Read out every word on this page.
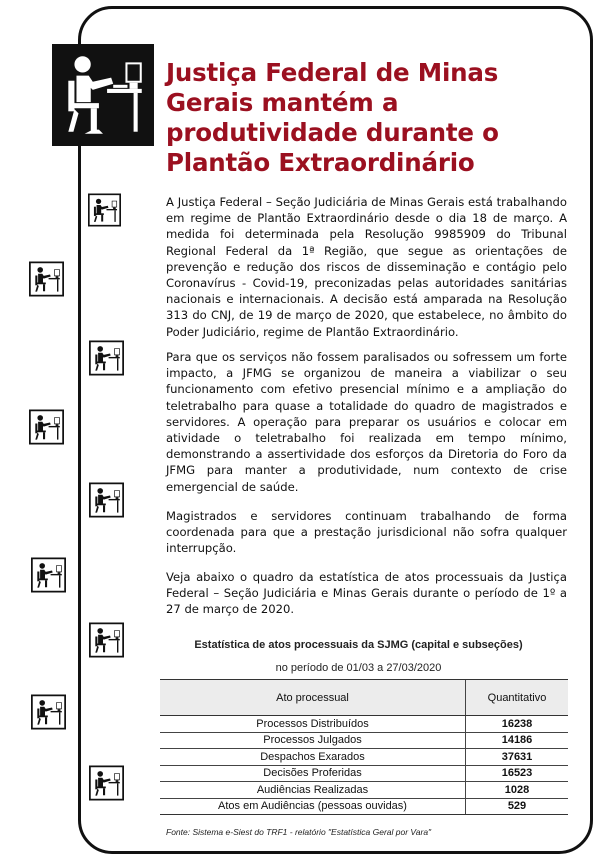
Justiça Federal de Minas Gerais mantém a produtividade durante o Plantão Extraordinário

A Justiça Federal – Seção Judiciária de Minas Gerais está trabalhando em regime de Plantão Extraordinário desde o dia 18 de março. A medida foi determinada pela Resolução 9985909 do Tribunal Regional Federal da 1ª Região, que segue as orientações de prevenção e redução dos riscos de disseminação e contágio pelo Coronavírus - Covid-19, preconizadas pelas autoridades sanitárias nacionais e internacionais. A decisão está amparada na Resolução 313 do CNJ, de 19 de março de 2020, que estabelece, no âmbito do Poder Judiciário, regime de Plantão Extraordinário.

Para que os serviços não fossem paralisados ou sofressem um forte impacto, a JFMG se organizou de maneira a viabilizar o seu funcionamento com efetivo presencial mínimo e a ampliação do teletrabalho para quase a totalidade do quadro de magistrados e servidores. A operação para preparar os usuários e colocar em atividade o teletrabalho foi realizada em tempo mínimo, demonstrando a assertividade dos esforços da Diretoria do Foro da JFMG para manter a produtividade, num contexto de crise emergencial de saúde.

Magistrados e servidores continuam trabalhando de forma coordenada para que a prestação jurisdicional não sofra qualquer interrupção.

Veja abaixo o quadro da estatística de atos processuais da Justiça Federal – Seção Judiciária e Minas Gerais durante o período de 1º a 27 de março de 2020.

Estatística de atos processuais da SJMG (capital e subseções)
no período de 01/03 a 27/03/2020
Ato processual	Quantitativo
Processos Distribuídos	16238
Processos Julgados	14186
Despachos Exarados	37631
Decisões Proferidas	16523
Audiências Realizadas	1028
Atos em Audiências (pessoas ouvidas)	529
Fonte: Sistema e-Siest do TRF1 - relatório "Estatística Geral por Vara"
